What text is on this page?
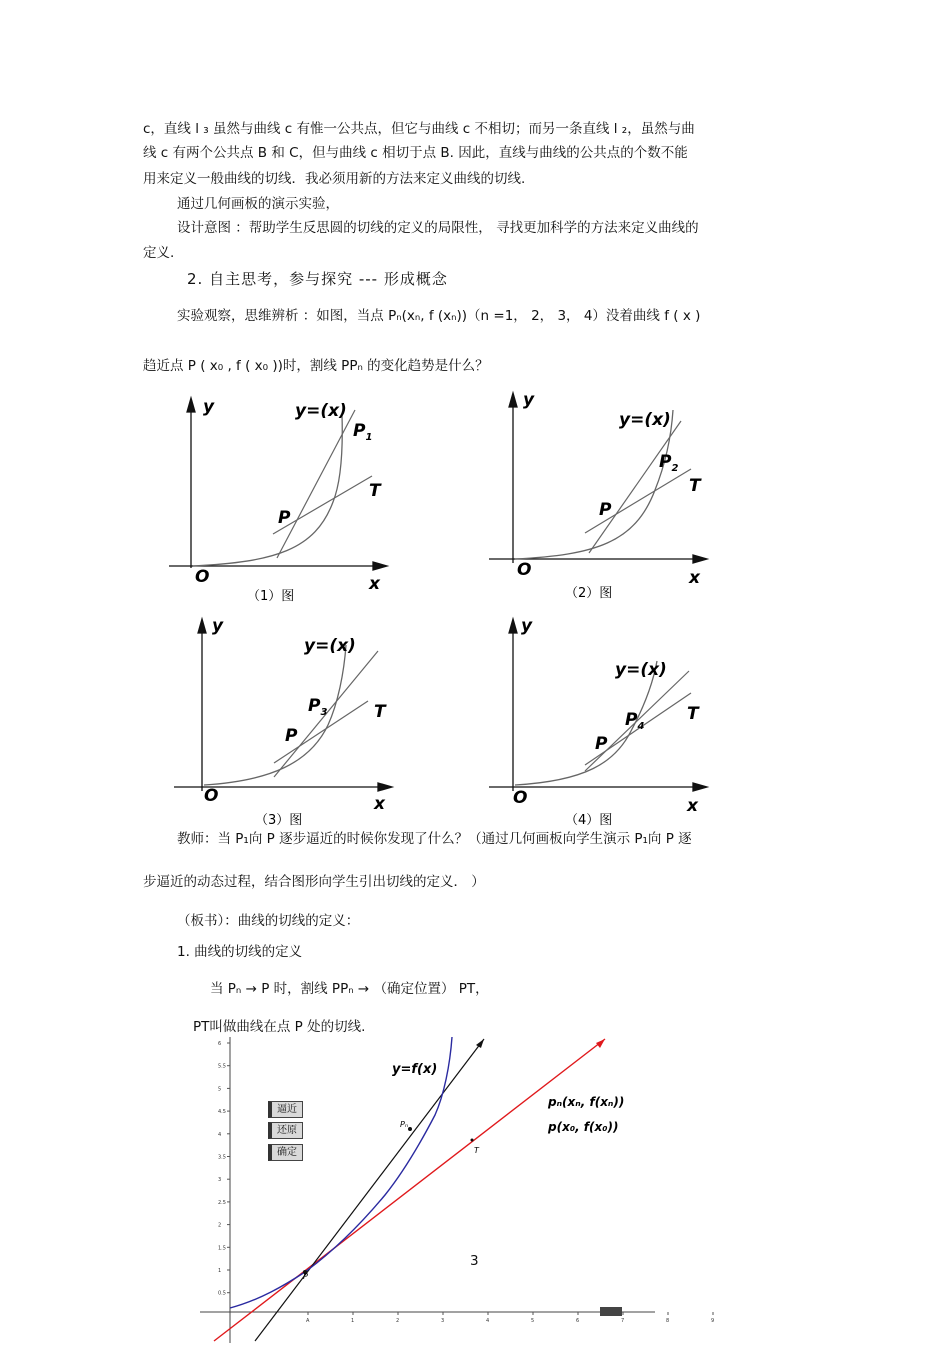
c，直线 l ₃ 虽然与曲线 c 有惟一公共点，但它与曲线 c 不相切；而另一条直线 l ₂，虽然与曲
线 c 有两个公共点 B 和 C，但与曲线 c 相切于点 B. 因此，直线与曲线的公共点的个数不能
用来定义一般曲线的切线．我必须用新的方法来定义曲线的切线.
通过几何画板的演示实验，
设计意图 ：帮助学生反思圆的切线的定义的局限性， 寻找更加科学的方法来定义曲线的
定义.
2. 自主思考，参与探究 --- 形成概念
实验观察，思维辨析 ：如图，当点 Pₙ(xₙ, f (xₙ))（n =1， 2， 3， 4）没着曲线 f ( x )
趋近点 P ( x₀ , f ( x₀ ))时，割线 PPₙ 的变化趋势是什么？
y	y=(x)
$P_1$
T
P
O	x
（1）图
y
y=(x)
$P_2$
T
P
O	x
（2）图
y
y=(x)
$P_3$	T
P
O	x
（3）图
y
y=(x)
$P_4$
T
P
O	x
（4）图
教师：当 P₁向 P 逐步逼近的时候你发现了什么？（通过几何画板向学生演示 P₁向 P 逐
步逼近的动态过程，结合图形向学生引出切线的定义． ）
（板书）：曲线的切线的定义：
1. 曲线的切线的定义
当 Pₙ → P 时，割线 PPₙ → （确定位置） PT，
PT叫做曲线在点 P 处的切线.
6
5.5
5
4.5
4
3.5
3
2.5
2
1.5
1
0.5
A	1	2	3	4	5	6	7	8	9
y=f(x)
Pₙ
P
T
pₙ(xₙ, f(xₙ))
p(x₀, f(x₀))
逼近
还原
确定
3
